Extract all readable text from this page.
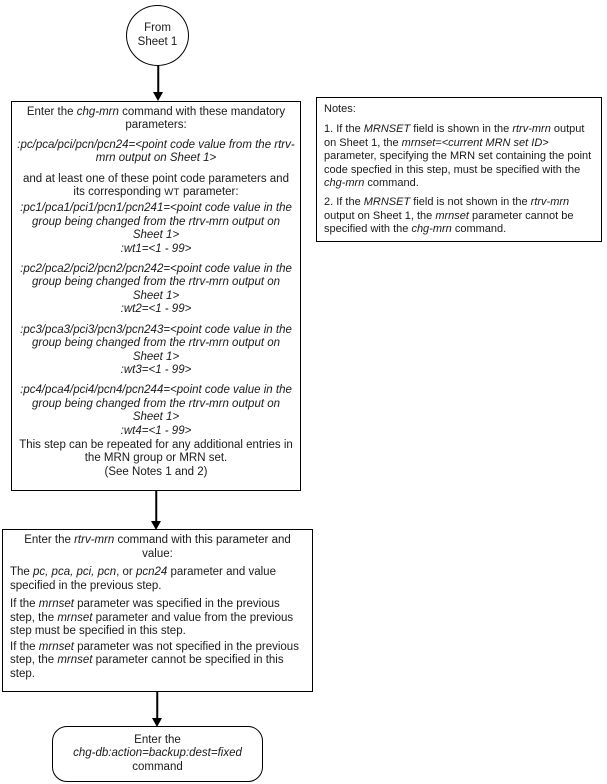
From
Sheet 1
Enter the chg-mrn command with these mandatory parameters:
:pc/pca/pci/pcn/pcn24=<point code value from the rtrv-mrn output on Sheet 1>
and at least one of these point code parameters and its corresponding WT parameter:
:pc1/pca1/pci1/pcn1/pcn241=<point code value in the group being changed from the rtrv-mrn output on Sheet 1>
:wt1=<1 - 99>
:pc2/pca2/pci2/pcn2/pcn242=<point code value in the group being changed from the rtrv-mrn output on Sheet 1>
:wt2=<1 - 99>
:pc3/pca3/pci3/pcn3/pcn243=<point code value in the group being changed from the rtrv-mrn output on Sheet 1>
:wt3=<1 - 99>
:pc4/pca4/pci4/pcn4/pcn244=<point code value in the group being changed from the rtrv-mrn output on Sheet 1>
:wt4=<1 - 99>
This step can be repeated for any additional entries in the MRN group or MRN set.
(See Notes 1 and 2)
Notes:
1. If the MRNSET field is shown in the rtrv-mrn output on Sheet 1, the mrnset=<current MRN set ID> parameter, specifying the MRN set containing the point code specfied in this step, must be specified with the chg-mrn command.
2. If the MRNSET field is not shown in the rtrv-mrn output on Sheet 1, the mrnset parameter cannot be specified with the chg-mrn command.
Enter the rtrv-mrn command with this parameter and value:
The pc, pca, pci, pcn, or pcn24 parameter and value specified in the previous step.
If the mrnset parameter was specified in the previous step, the mrnset parameter and value from the previous step must be specified in this step.
If the mrnset parameter was not specified in the previous step, the mrnset parameter cannot be specified in this step.
Enter the
chg-db:action=backup:dest=fixed
command
